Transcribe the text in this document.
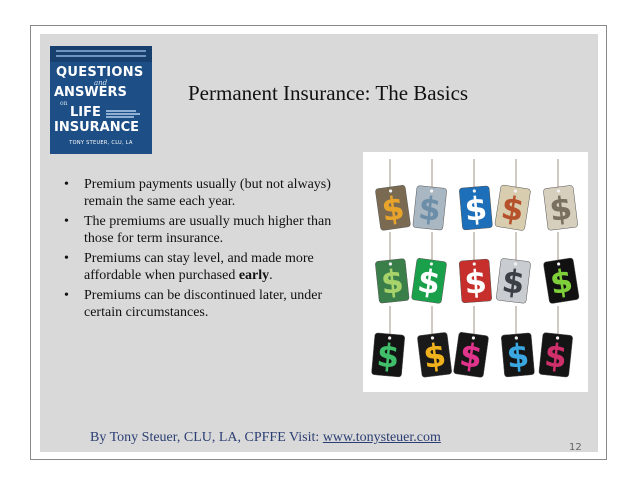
QUESTIONS
and
ANSWERS
on
LIFE
INSURANCE
TONY STEUER, CLU, LA
Permanent Insurance: The Basics
• Premium payments usually (but not always) remain the same each year.
• The premiums are usually much higher than those for term insurance.
• Premiums can stay level, and made more affordable when purchased early.
• Premiums can be discontinued later, under certain circumstances.
$ $ $ $ $
$ $ $ $ $
$ $ $ $ $
By Tony Steuer, CLU, LA, CPFFE Visit: www.tonysteuer.com
12
